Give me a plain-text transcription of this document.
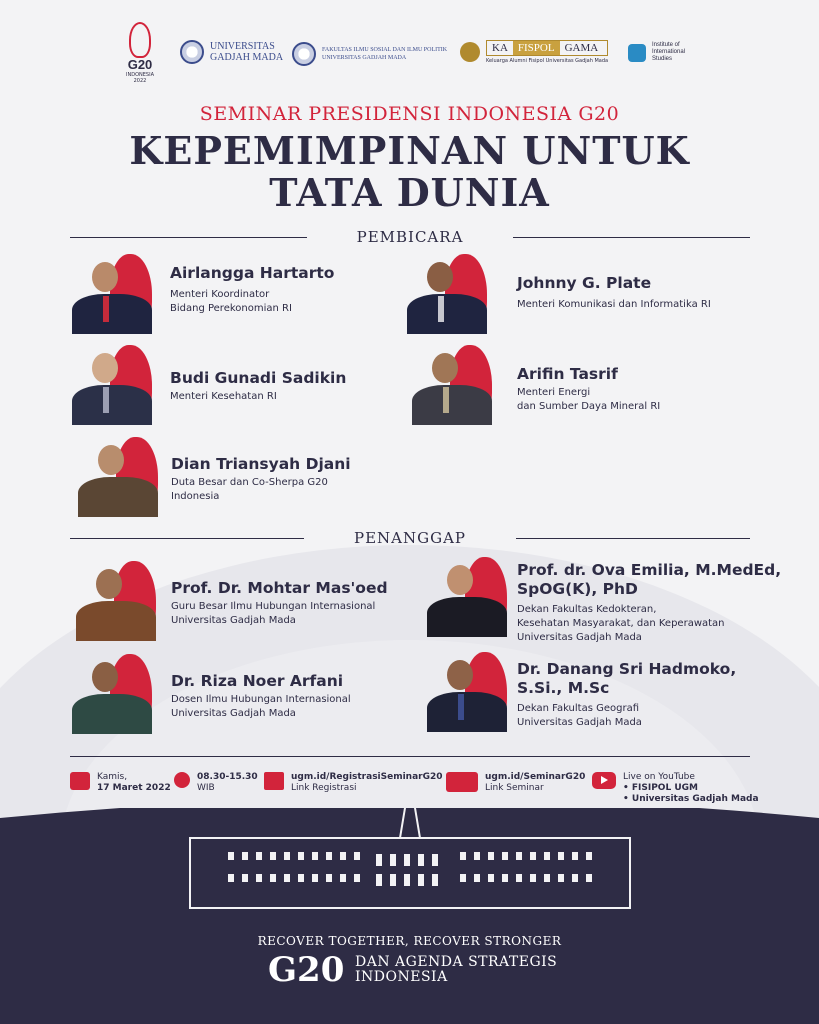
G20
INDONESIA
2022
UNIVERSITAS
GADJAH MADA
FAKULTAS ILMU SOSIAL DAN ILMU POLITIK
UNIVERSITAS GADJAH MADA
KA FISPOL GAMA
Keluarga Alumni Fisipol Universitas Gadjah Mada
Institute of
International
Studies
SEMINAR PRESIDENSI INDONESIA G20
KEPEMIMPINAN UNTUK
TATA DUNIA
PEMBICARA
Airlangga Hartarto
Menteri Koordinator
Bidang Perekonomian RI
Johnny G. Plate
Menteri Komunikasi dan Informatika RI
Budi Gunadi Sadikin
Menteri Kesehatan RI
Arifin Tasrif
Menteri Energi
dan Sumber Daya Mineral RI
Dian Triansyah Djani
Duta Besar dan Co-Sherpa G20
Indonesia
PENANGGAP
Prof. Dr. Mohtar Mas'oed
Guru Besar Ilmu Hubungan Internasional
Universitas Gadjah Mada
Prof. dr. Ova Emilia, M.MedEd,
SpOG(K), PhD
Dekan Fakultas Kedokteran,
Kesehatan Masyarakat, dan Keperawatan
Universitas Gadjah Mada
Dr. Riza Noer Arfani
Dosen Ilmu Hubungan Internasional
Universitas Gadjah Mada
Dr. Danang Sri Hadmoko,
S.Si., M.Sc
Dekan Fakultas Geografi
Universitas Gadjah Mada
Kamis,
17 Maret 2022
08.30-15.30
WIB
ugm.id/RegistrasiSeminarG20
Link Registrasi
ugm.id/SeminarG20
Link Seminar
Live on YouTube
• FISIPOL UGM
• Universitas Gadjah Mada
RECOVER TOGETHER, RECOVER STRONGER
G20 DAN AGENDA STRATEGIS
INDONESIA
